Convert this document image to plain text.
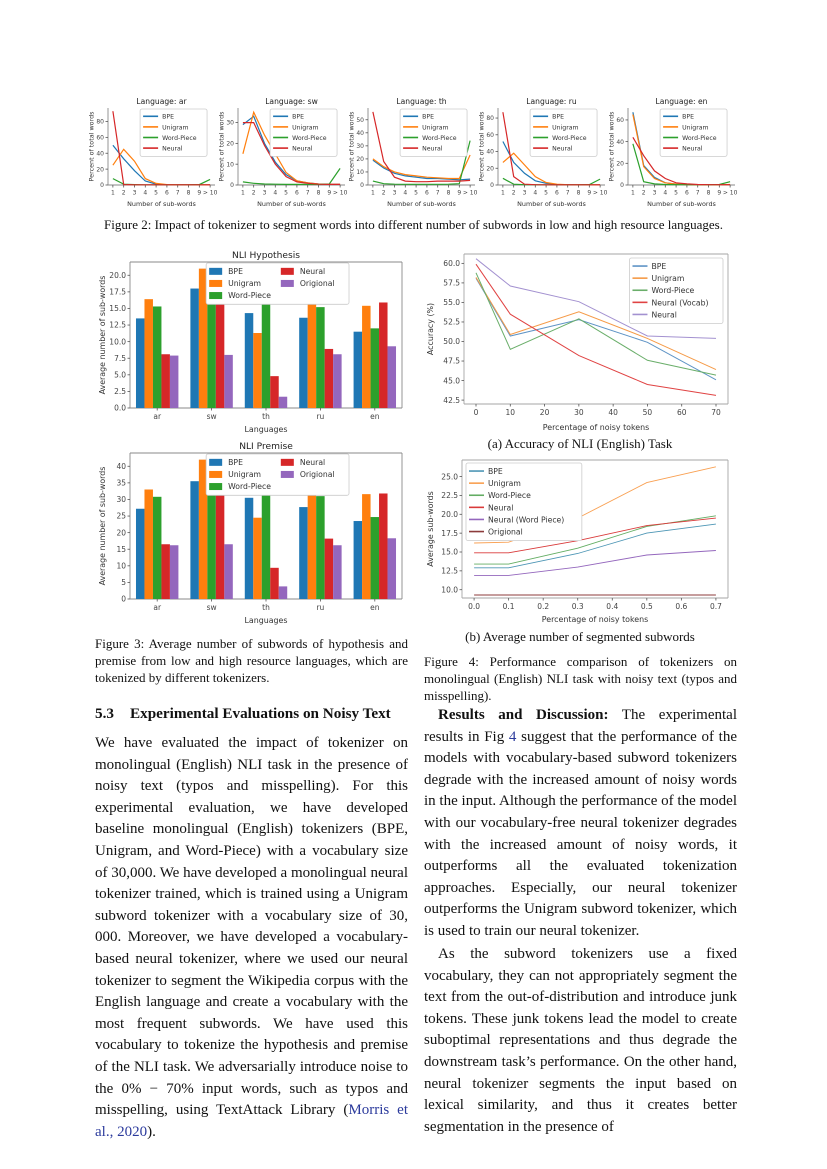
0
20
40
60
80
1 2 3 4 5 6 7 8 9 > 10
Language: ar
Number of sub-words
Percent of total words	BPE
Unigram
Word-Piece
Neural
0
10
20
30
1 2 3 4 5 6 7 8 9 > 10
Language: sw
Number of sub-words
Percent of total words	BPE
Unigram
Word-Piece
Neural
0
10
20
30
40
50
1 2 3 4 5 6 7 8 9 > 10
Language: th
Number of sub-words
Percent of total words	BPE
Unigram
Word-Piece
Neural
0
20
40
60
80
1 2 3 4 5 6 7 8 9 > 10
Language: ru
Number of sub-words
Percent of total words	BPE
Unigram
Word-Piece
Neural
0
20
40
60
1 2 3 4 5 6 7 8 9 > 10
Language: en
Number of sub-words
Percent of total words	BPE
Unigram
Word-Piece
Neural
Figure 2: Impact of tokenizer to segment words into different number of subwords in low and high resource languages.
0.0
2.5
5.0
7.5
10.0
12.5
15.0
17.5
20.0
ar	sw	th	ru	en
NLI Hypothesis
Languages
Average number of sub-words
BPE
Unigram
Word-Piece
Neural
Origional
0
5
10
15
20
25
30
35
40
ar	sw	th	ru	en
NLI Premise
Languages
Average number of sub-words
BPE
Unigram
Word-Piece
Neural
Origional
Figure 3: Average number of subwords of hypothesis and premise from low and high resource languages, which are tokenized by different tokenizers.
42.5
45.0
47.5
50.0
52.5
55.0
57.5
60.0
0	10	20	30	40	50	60	70
Percentage of noisy tokens
Accuracy (%)
BPE
Unigram
Word-Piece
Neural (Vocab)
Neural
(a) Accuracy of NLI (English) Task
10.0
12.5
15.0
17.5
20.0
22.5
25.0
0.0	0.1	0.2	0.3	0.4	0.5	0.6	0.7
Percentage of noisy tokens
Average sub-words
BPE
Unigram
Word-Piece
Neural
Neural (Word Piece)
Origional
(b) Average number of segmented subwords
Figure 4: Performance comparison of tokenizers on monolingual (English) NLI task with noisy text (typos and misspelling).
5.3 Experimental Evaluations on Noisy Text

We have evaluated the impact of tokenizer on monolingual (English) NLI task in the presence of noisy text (typos and misspelling). For this experimental evaluation, we have developed baseline monolingual (English) tokenizers (BPE, Unigram, and Word-Piece) with a vocabulary size of 30,000. We have developed a monolingual neural tokenizer trained, which is trained using a Unigram subword tokenizer with a vocabulary size of 30, 000. Moreover, we have developed a vocabulary-based neural tokenizer, where we used our neural tokenizer to segment the Wikipedia corpus with the English language and create a vocabulary with the most frequent subwords. We have used this vocabulary to tokenize the hypothesis and premise of the NLI task. We adversarially introduce noise to the 0% − 70% input words, such as typos and misspelling, using TextAttack Library (Morris et al., 2020).

Results and Discussion: The experimental results in Fig 4 suggest that the performance of the models with vocabulary-based subword tokenizers degrade with the increased amount of noisy words in the input. Although the performance of the model with our vocabulary-free neural tokenizer degrades with the increased amount of noisy words, it outperforms all the evaluated tokenization approaches. Especially, our neural tokenizer outperforms the Unigram subword tokenizer, which is used to train our neural tokenizer.

As the subword tokenizers use a fixed vocabulary, they can not appropriately segment the text from the out-of-distribution and introduce junk tokens. These junk tokens lead the model to create suboptimal representations and thus degrade the downstream task’s performance. On the other hand, neural tokenizer segments the input based on lexical similarity, and thus it creates better segmentation in the presence of
